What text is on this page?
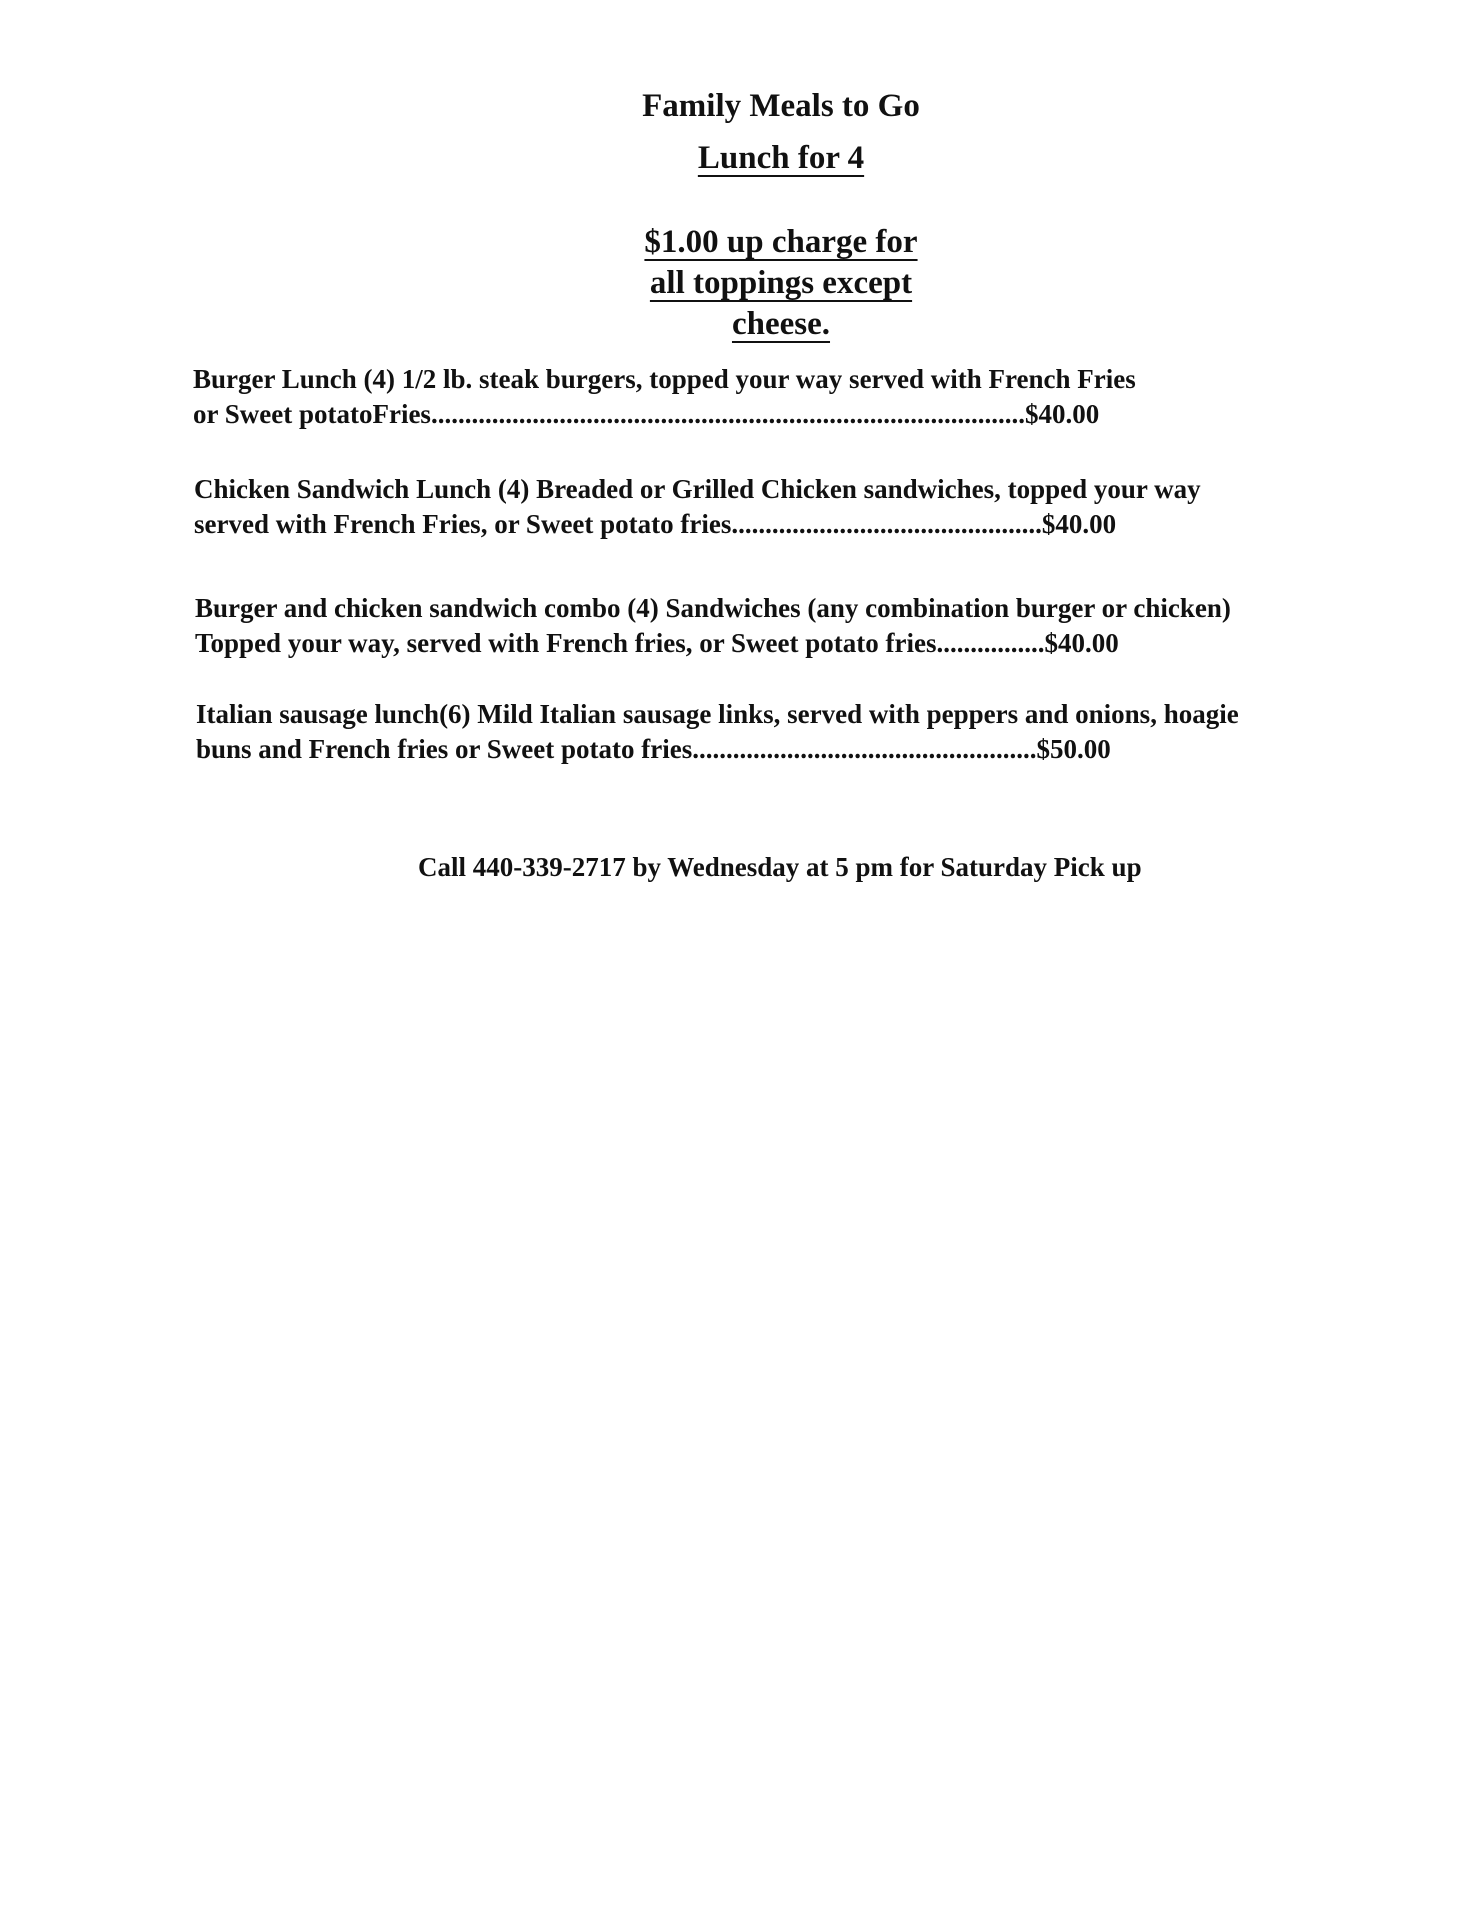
Family Meals to Go
Lunch for 4
$1.00 up charge for
all toppings except
cheese.
Burger Lunch (4) 1/2 lb. steak burgers, topped your way served with French Fries
or Sweet potatoFries........................................................................................$40.00
Chicken Sandwich Lunch (4) Breaded or Grilled Chicken sandwiches, topped your way
served with French Fries, or Sweet potato fries..............................................$40.00
Burger and chicken sandwich combo (4) Sandwiches (any combination burger or chicken)
Topped your way, served with French fries, or Sweet potato fries................$40.00
Italian sausage lunch(6) Mild Italian sausage links, served with peppers and onions, hoagie
buns and French fries or Sweet potato fries...................................................$50.00
Call 440-339-2717 by Wednesday at 5 pm for Saturday Pick up
